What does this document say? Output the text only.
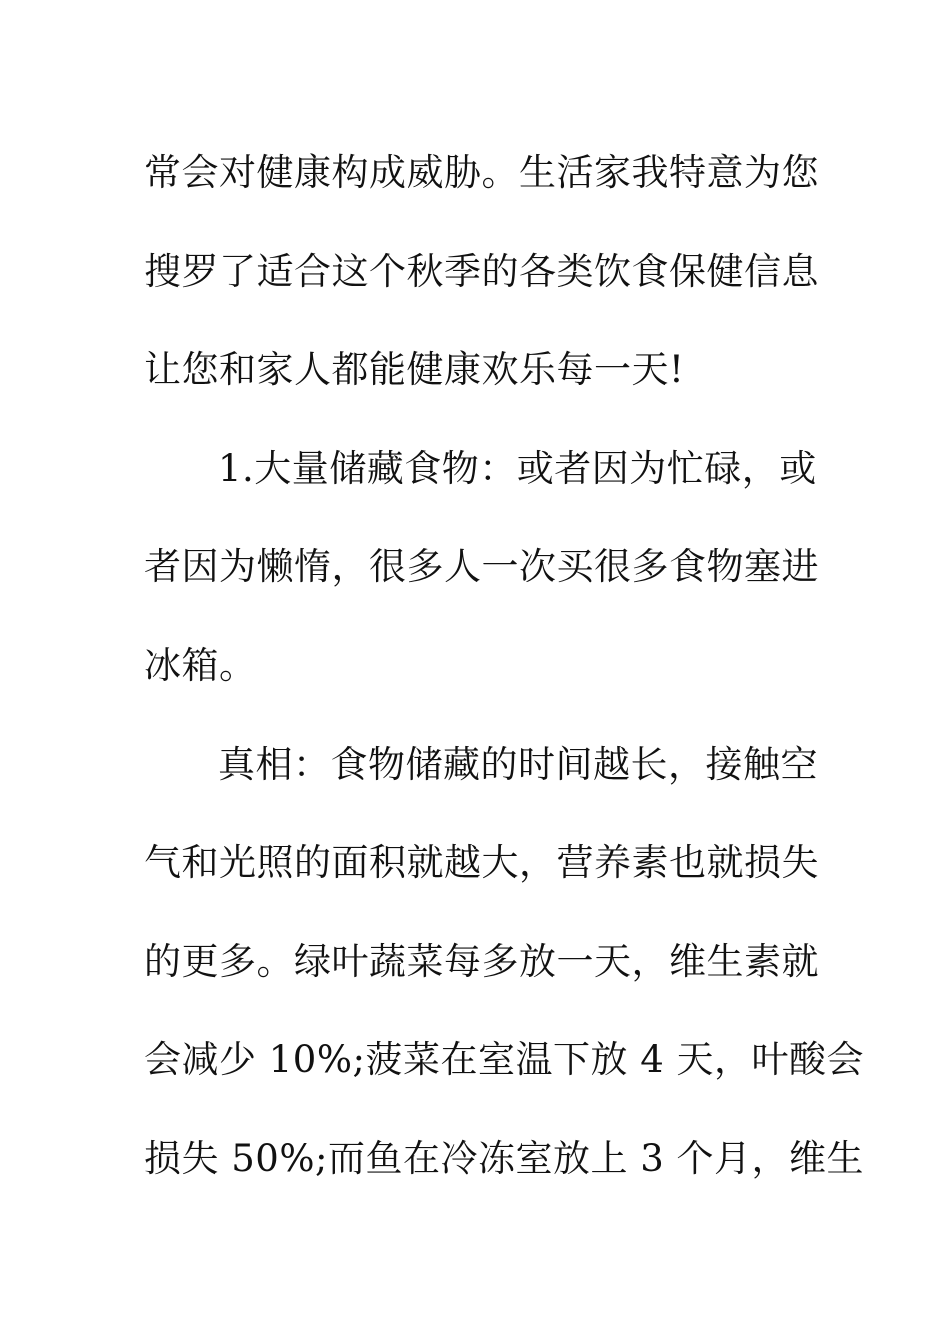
常会对健康构成威胁。生活家我特意为您
搜罗了适合这个秋季的各类饮食保健信息
让您和家人都能健康欢乐每一天!
1.大量储藏食物：或者因为忙碌，或
者因为懒惰，很多人一次买很多食物塞进
冰箱。
真相：食物储藏的时间越长，接触空
气和光照的面积就越大，营养素也就损失
的更多。绿叶蔬菜每多放一天，维生素就
会减少 10%;菠菜在室温下放 4 天，叶酸会
损失 50%;而鱼在冷冻室放上 3 个月，维生
